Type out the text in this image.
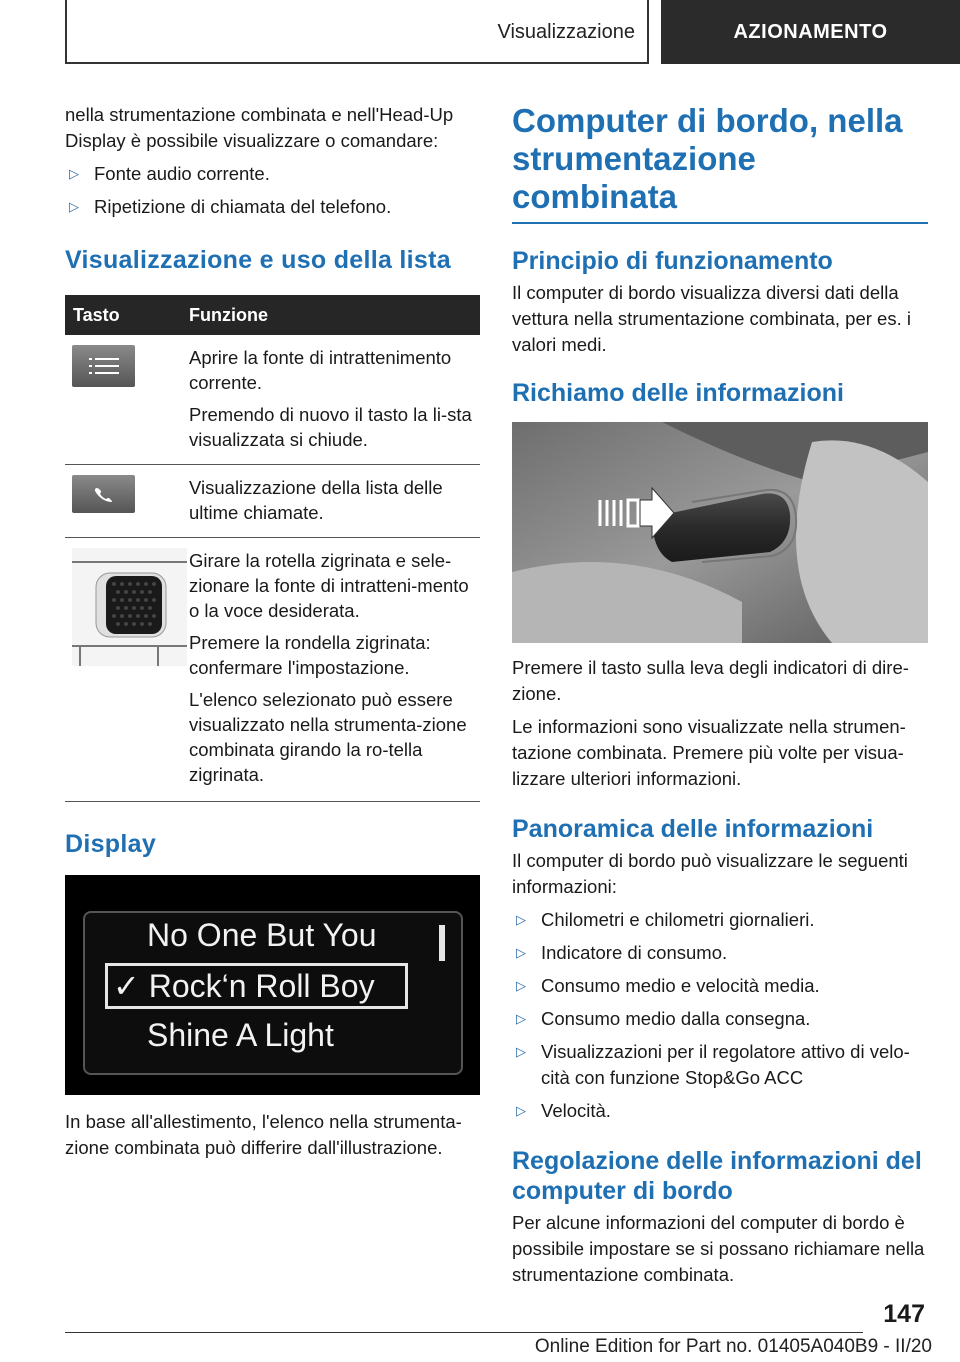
Visualizzazione	AZIONAMENTO

nella strumentazione combinata e nell'Head-Up Display è possibile visualizzare o comandare:

▷ Fonte audio corrente.
▷ Ripetizione di chiamata del telefono.
Visualizzazione e uso della lista
Tasto	Funzione

Aprire la fonte di intrattenimento corrente.

Premendo di nuovo il tasto la li-sta visualizzata si chiude.

Visualizzazione della lista delle ultime chiamate.

Girare la rotella zigrinata e sele-zionare la fonte di intratteni-mento o la voce desiderata.

Premere la rondella zigrinata: confermare l'impostazione.

L'elenco selezionato può essere visualizzato nella strumenta-zione combinata girando la ro-tella zigrinata.

Display
No One But You
✓ Rock‘n Roll Boy
Shine A Light

In base all'allestimento, l'elenco nella strumenta-zione combinata può differire dall'illustrazione.

Computer di bordo, nella strumentazione combinata
Principio di funzionamento

Il computer di bordo visualizza diversi dati della vettura nella strumentazione combinata, per es. i valori medi.

Richiamo delle informazioni

Premere il tasto sulla leva degli indicatori di dire-zione.

Le informazioni sono visualizzate nella strumen-tazione combinata. Premere più volte per visua-lizzare ulteriori informazioni.

Panoramica delle informazioni

Il computer di bordo può visualizzare le seguenti informazioni:

▷ Chilometri e chilometri giornalieri.
▷ Indicatore di consumo.
▷ Consumo medio e velocità media.
▷ Consumo medio dalla consegna.
▷ Visualizzazioni per il regolatore attivo di velo-cità con funzione Stop&Go ACC
▷ Velocità.
Regolazione delle informazioni del computer di bordo

Per alcune informazioni del computer di bordo è possibile impostare se si possano richiamare nella strumentazione combinata.

147
Online Edition for Part no. 01405A040B9 - II/20
